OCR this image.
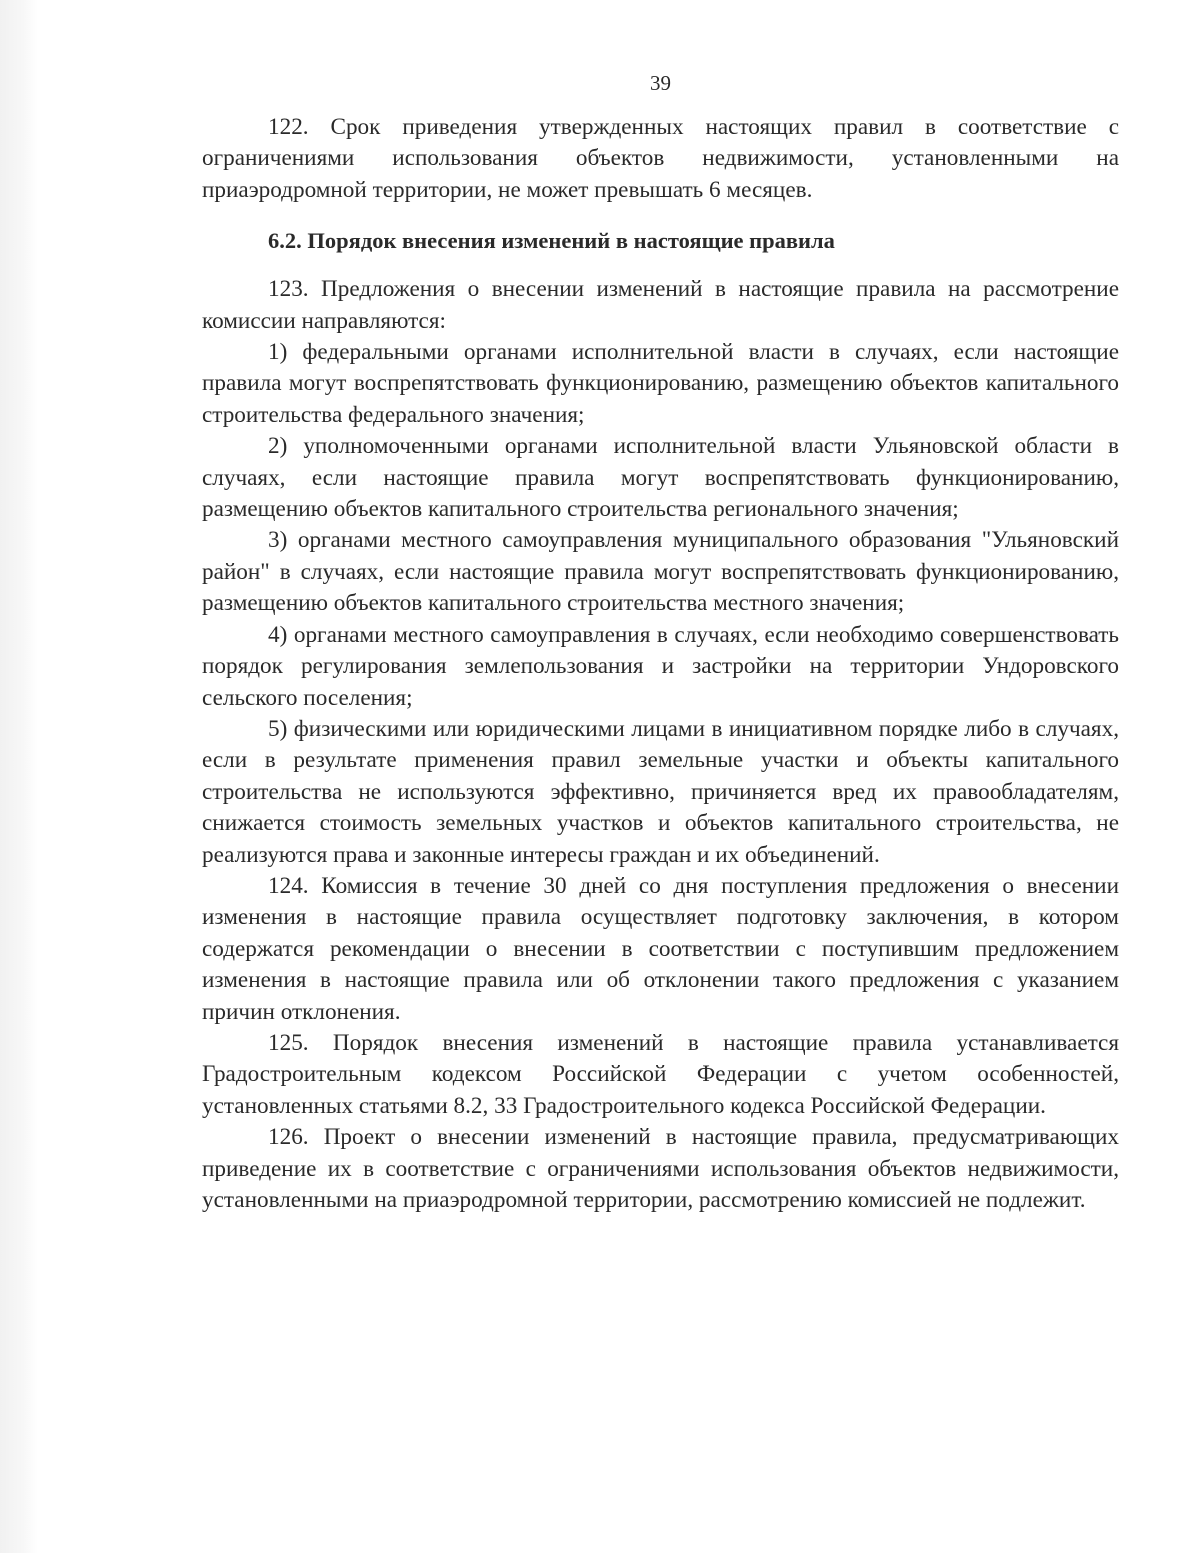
39

122. Срок приведения утвержденных настоящих правил в соответствие с ограничениями использования объектов недвижимости, установленными на приаэродромной территории, не может превышать 6 месяцев.

6.2. Порядок внесения изменений в настоящие правила

123. Предложения о внесении изменений в настоящие правила на рассмотрение комиссии направляются:

1) федеральными органами исполнительной власти в случаях, если настоящие правила могут воспрепятствовать функционированию, размещению объектов капитального строительства федерального значения;

2) уполномоченными органами исполнительной власти Ульяновской области в случаях, если настоящие правила могут воспрепятствовать функционированию, размещению объектов капитального строительства регионального значения;

3) органами местного самоуправления муниципального образования "Ульяновский район" в случаях, если настоящие правила могут воспрепятствовать функционированию, размещению объектов капитального строительства местного значения;

4) органами местного самоуправления в случаях, если необходимо совершенствовать порядок регулирования землепользования и застройки на территории Ундоровского сельского поселения;

5) физическими или юридическими лицами в инициативном порядке либо в случаях, если в результате применения правил земельные участки и объекты капитального строительства не используются эффективно, причиняется вред их правообладателям, снижается стоимость земельных участков и объектов капитального строительства, не реализуются права и законные интересы граждан и их объединений.

124. Комиссия в течение 30 дней со дня поступления предложения о внесении изменения в настоящие правила осуществляет подготовку заключения, в котором содержатся рекомендации о внесении в соответствии с поступившим предложением изменения в настоящие правила или об отклонении такого предложения с указанием причин отклонения.

125. Порядок внесения изменений в настоящие правила устанавливается Градостроительным кодексом Российской Федерации с учетом особенностей, установленных статьями 8.2, 33 Градостроительного кодекса Российской Федерации.

126. Проект о внесении изменений в настоящие правила, предусматривающих приведение их в соответствие с ограничениями использования объектов недвижимости, установленными на приаэродромной территории, рассмотрению комиссией не подлежит.
